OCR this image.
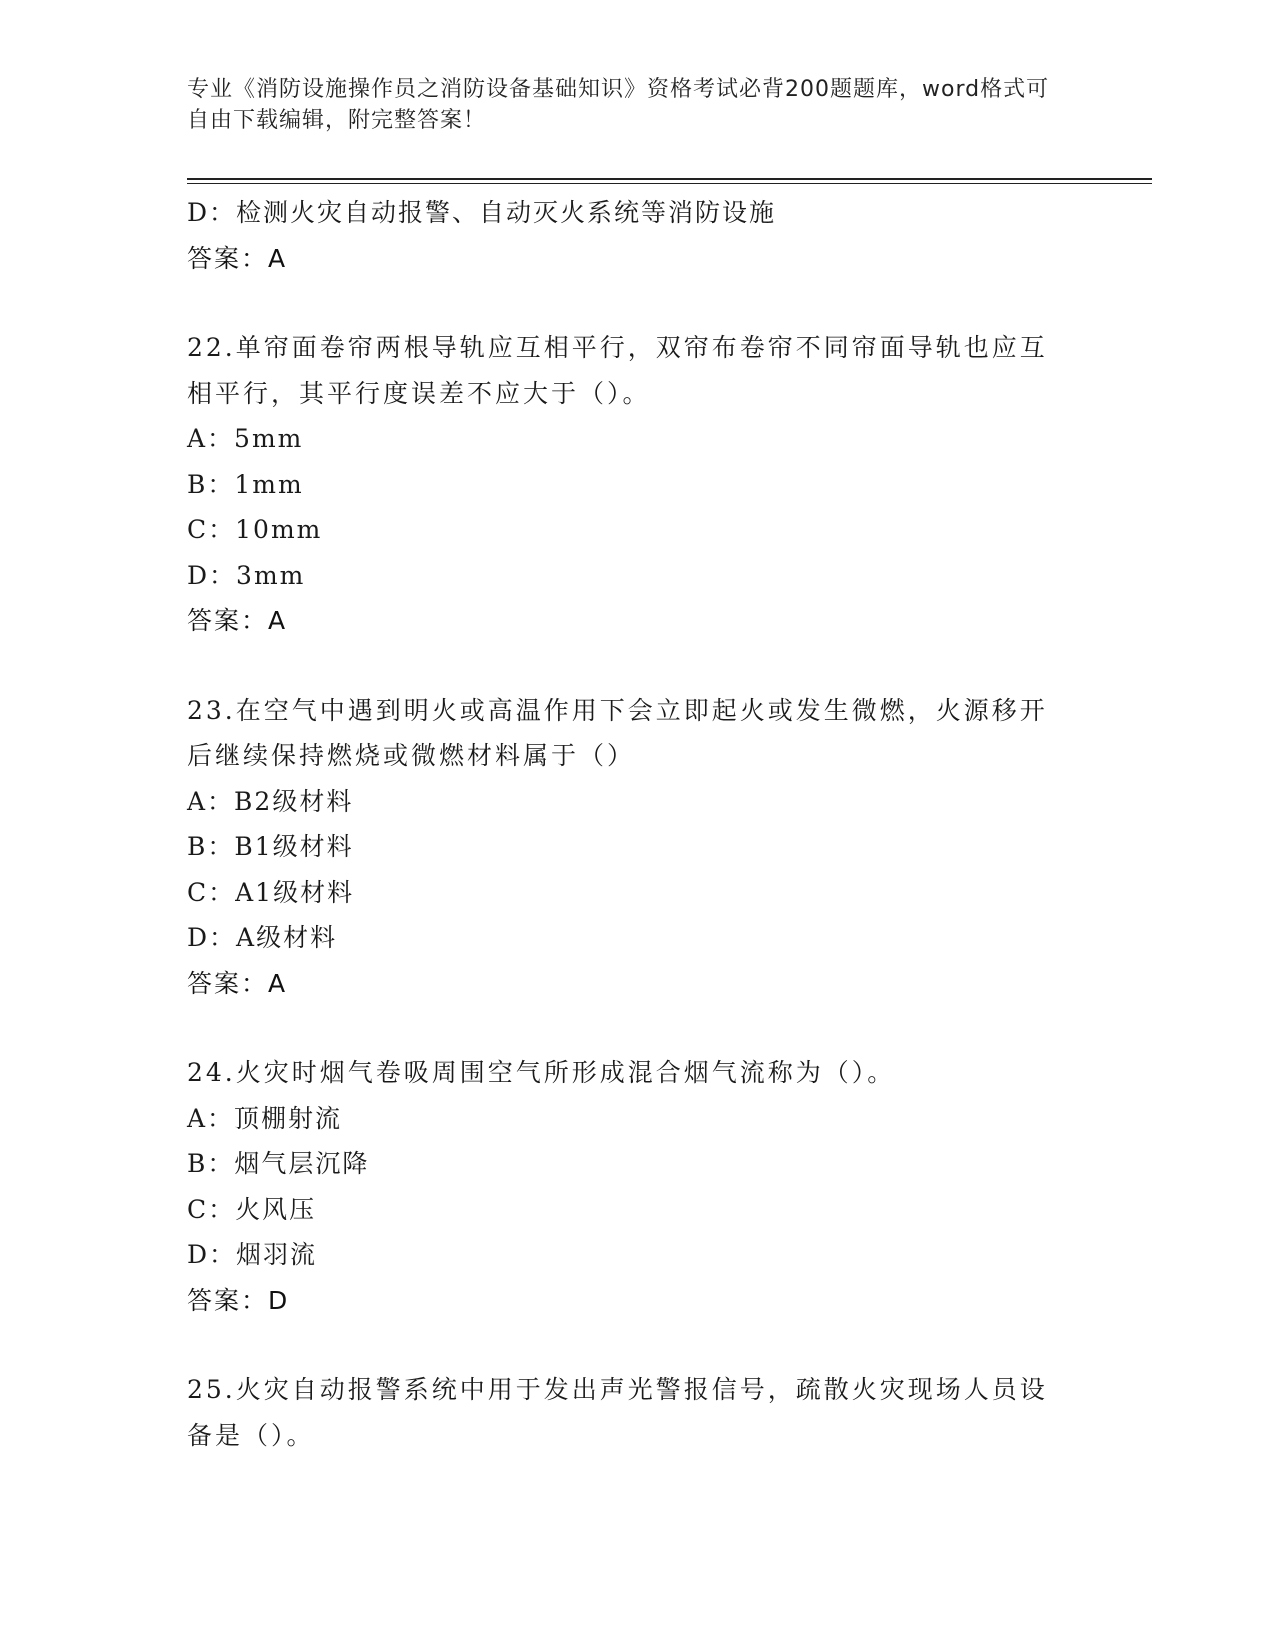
专业《消防设施操作员之消防设备基础知识》资格考试必背200题题库，word格式可自由下载编辑，附完整答案！
D：检测火灾自动报警、自动灭火系统等消防设施
答案：A
22.单帘面卷帘两根导轨应互相平行，双帘布卷帘不同帘面导轨也应互
相平行，其平行度误差不应大于（）。
A：5mm
B：1mm
C：10mm
D：3mm
答案：A
23.在空气中遇到明火或高温作用下会立即起火或发生微燃，火源移开
后继续保持燃烧或微燃材料属于（）
A：B2级材料
B：B1级材料
C：A1级材料
D：A级材料
答案：A
24.火灾时烟气卷吸周围空气所形成混合烟气流称为（）。
A：顶棚射流
B：烟气层沉降
C：火风压
D：烟羽流
答案：D
25.火灾自动报警系统中用于发出声光警报信号，疏散火灾现场人员设
备是（）。
